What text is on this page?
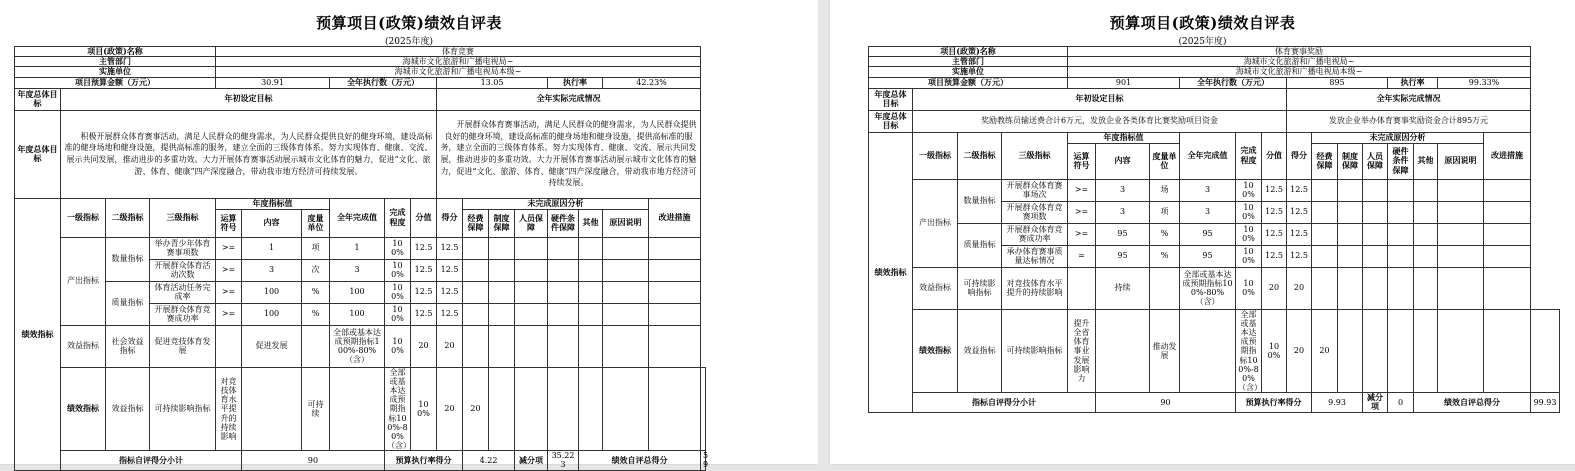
预算项目(政策)绩效自评表
(2025年度)
项目(政策)名称				体育竞赛														
主管部门				海城市文化旅游和广播电视局~														
实施单位				海城市文化旅游和广播电视局本级~														
项目预算金额（万元）				30.91			全年执行数（万元）			13.05				执行率		42.23%		
年度总体目标	年初设定目标									全年实际完成情况								
年度总体目标	积极开展群众体育赛事活动，满足人民群众的健身需求，为人民群众提供良好的健身环境，建设高标准的健身场地和健身设施，提供高标准的服务，建立全面的三级体育体系。努力实现体育、健康、交流、展示共同发展，推动进步的多重功效。大力开展体育赛事活动展示城市文化体育的魅力，促进“文化、旅游、体育、健康”四产深度融合，带动我市地方经济可持续发展。									开展群众体育赛事活动，满足人民群众的健身需求，为人民群众提供良好的健身环境，建设高标准的健身场地和健身设施，提供高标准的服务，建立全面的三级体育体系。努力实现体育、健康、交流、展示共同发展，推动进步的多重功效。大力开展体育赛事活动展示城市文化体育的魅力，促进“文化、旅游、体育、健康”四产深度融合，带动我市地方经济可持续发展。								
绩效指标	一级指标	二级指标	三级指标	年度指标值			全年完成值	完成程度	分值	得分	未完成原因分析						改进措施	
				运算符号	内容	度量单位					经费保障	制度保障	人员保障	硬件条件保障	其他	原因说明		

	产出指标	数量指标	举办青少年体育赛事项数	>=	1	项	1	100%	12.5	12.5								
			开展群众体育活动次数	>=	3	次	3	100%	12.5	12.5								
		质量指标	体育活动任务完成率	>=	100	%	100	100%	12.5	12.5								
			开展群众体育竞赛成功率	>=	100	%	100	100%	12.5	12.5								
	效益指标	社会效益指标	促进竞技体育发展		促进发展		全部或基本达成预期指标100%-80%（含）	100%	20	20								
	绩效指标	效益指标	可持续影响指标	对竞技体育水平提升的持续影响		可持续		全部或基本达成预期指标100%-80%（含）	100%	20	20							
	指标自评得分小计				90			预算执行率得分			4.22		减分项	35.223	绩效自评总得分			59
预算项目(政策)绩效自评表
(2025年度)
项目(政策)名称				体育赛事奖励														
主管部门				海城市文化旅游和广播电视局~														
实施单位				海城市文化旅游和广播电视局本级~														
项目预算金额（万元）				901			全年执行数（万元）			895				执行率		99.33%		
年度总体目标	年初设定目标									全年实际完成情况								
年度总体目标	奖励教练员输送费合计6万元，发放企业各类体育比赛奖励项目资金									发放企业举办体育赛事奖励资金合计895万元								
绩效指标	一级指标	二级指标	三级指标	年度指标值			全年完成值	完成程度	分值	得分	未完成原因分析						改进措施	
				运算符号	内容	度量单位					经费保障	制度保障	人员保障	硬件条件保障	其他	原因说明		
	产出指标	数量指标	开展群众体育赛事场次	>=	3	场	3	100%	12.5	12.5								
			开展群众体育竞赛项数	>=	3	项	3	100%	12.5	12.5								
		质量指标	开展群众体育竞赛成功率	>=	95	%	95	100%	12.5	12.5								
			承办体育赛事质量达标情况	=	95	%	95	100%	12.5	12.5								
	效益指标	可持续影响指标	对竞技体育水平提升的持续影响		持续		全部或基本达成预期指标100%-80%（含）	100%	20	20								
	绩效指标	效益指标	可持续影响指标	提升全省体育事业发展影响力		推动发展		全部或基本达成预期指标100%-80%（含）	100%	20	20							
	指标自评得分小计				90			预算执行率得分			9.93		减分项	0	绩效自评总得分			99.93
